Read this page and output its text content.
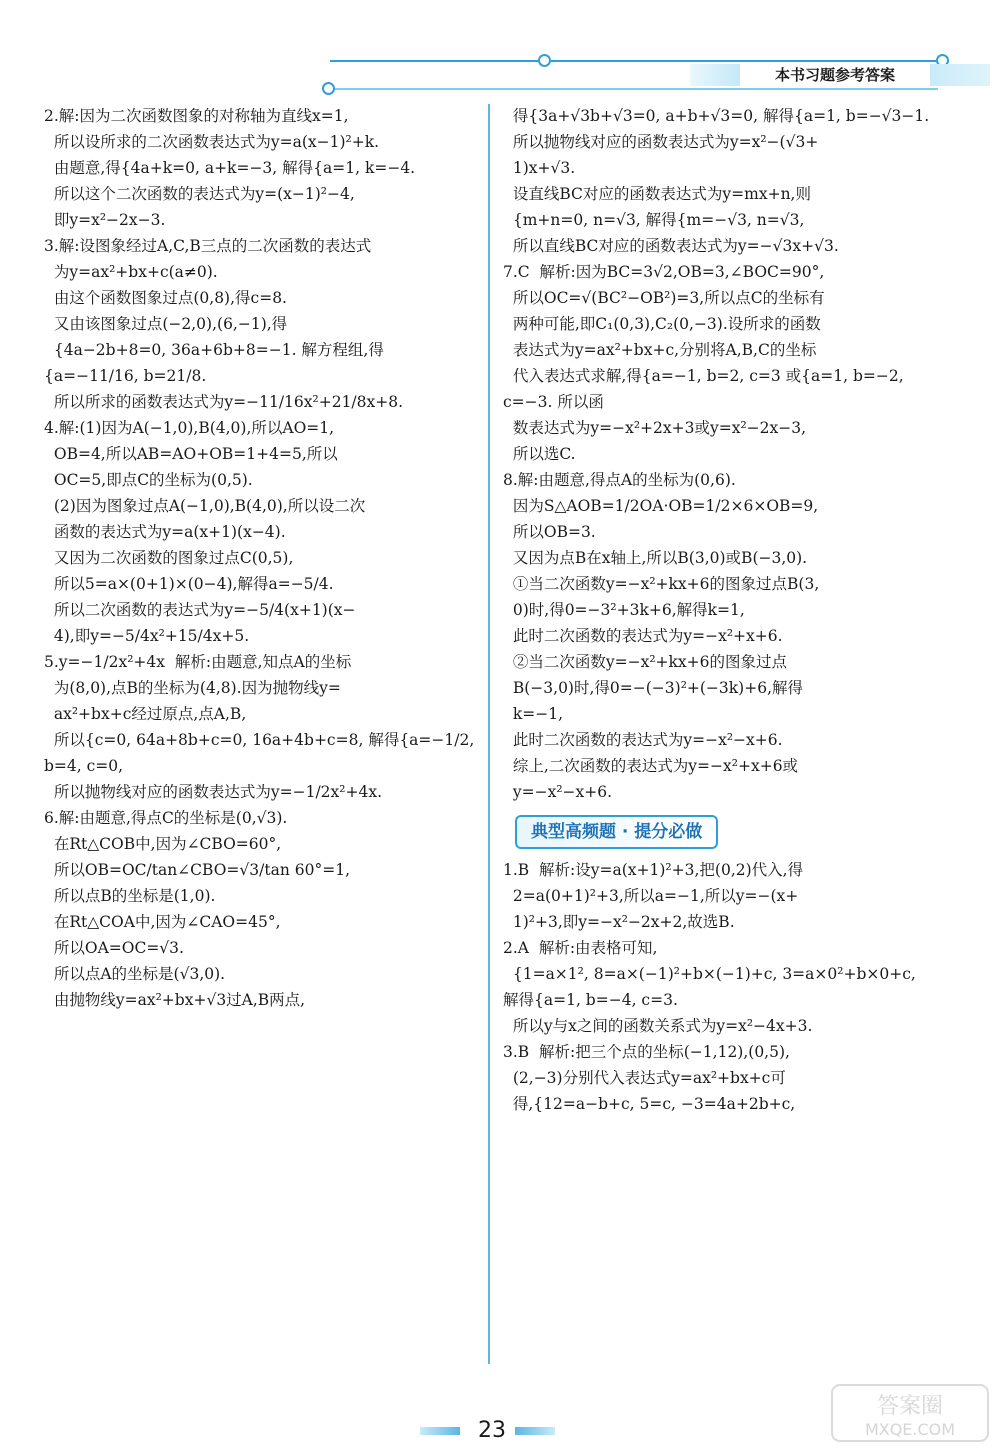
本书习题参考答案
2.解:因为二次函数图象的对称轴为直线x=1,
所以设所求的二次函数表达式为y=a(x−1)²+k.
由题意,得{4a+k=0, a+k=−3, 解得{a=1, k=−4.
所以这个二次函数的表达式为y=(x−1)²−4,
即y=x²−2x−3.
3.解:设图象经过A,C,B三点的二次函数的表达式
为y=ax²+bx+c(a≠0).
由这个函数图象过点(0,8),得c=8.
又由该图象过点(−2,0),(6,−1),得
{4a−2b+8=0, 36a+6b+8=−1. 解方程组,得{a=−11/16, b=21/8.
所以所求的函数表达式为y=−11/16x²+21/8x+8.
4.解:(1)因为A(−1,0),B(4,0),所以AO=1,
OB=4,所以AB=AO+OB=1+4=5,所以
OC=5,即点C的坐标为(0,5).
(2)因为图象过点A(−1,0),B(4,0),所以设二次
函数的表达式为y=a(x+1)(x−4).
又因为二次函数的图象过点C(0,5),
所以5=a×(0+1)×(0−4),解得a=−5/4.
所以二次函数的表达式为y=−5/4(x+1)(x−
4),即y=−5/4x²+15/4x+5.
5.y=−1/2x²+4x  解析:由题意,知点A的坐标
为(8,0),点B的坐标为(4,8).因为抛物线y=
ax²+bx+c经过原点,点A,B,
所以{c=0, 64a+8b+c=0, 16a+4b+c=8, 解得{a=−1/2, b=4, c=0,
所以抛物线对应的函数表达式为y=−1/2x²+4x.
6.解:由题意,得点C的坐标是(0,√3).
在Rt△COB中,因为∠CBO=60°,
所以OB=OC/tan∠CBO=√3/tan 60°=1,
所以点B的坐标是(1,0).
在Rt△COA中,因为∠CAO=45°,
所以OA=OC=√3.
所以点A的坐标是(√3,0).
由抛物线y=ax²+bx+√3过A,B两点,
得{3a+√3b+√3=0, a+b+√3=0, 解得{a=1, b=−√3−1.
所以抛物线对应的函数表达式为y=x²−(√3+
1)x+√3.
设直线BC对应的函数表达式为y=mx+n,则
{m+n=0, n=√3, 解得{m=−√3, n=√3,
所以直线BC对应的函数表达式为y=−√3x+√3.
7.C  解析:因为BC=3√2,OB=3,∠BOC=90°,
所以OC=√(BC²−OB²)=3,所以点C的坐标有
两种可能,即C₁(0,3),C₂(0,−3).设所求的函数
表达式为y=ax²+bx+c,分别将A,B,C的坐标
代入表达式求解,得{a=−1, b=2, c=3 或{a=1, b=−2, c=−3. 所以函
数表达式为y=−x²+2x+3或y=x²−2x−3,
所以选C.
8.解:由题意,得点A的坐标为(0,6).
因为S△AOB=1/2OA·OB=1/2×6×OB=9,
所以OB=3.
又因为点B在x轴上,所以B(3,0)或B(−3,0).
①当二次函数y=−x²+kx+6的图象过点B(3,
0)时,得0=−3²+3k+6,解得k=1,
此时二次函数的表达式为y=−x²+x+6.
②当二次函数y=−x²+kx+6的图象过点
B(−3,0)时,得0=−(−3)²+(−3k)+6,解得
k=−1,
此时二次函数的表达式为y=−x²−x+6.
综上,二次函数的表达式为y=−x²+x+6或
y=−x²−x+6.
典型高频题 · 提分必做
1.B  解析:设y=a(x+1)²+3,把(0,2)代入,得
2=a(0+1)²+3,所以a=−1,所以y=−(x+
1)²+3,即y=−x²−2x+2,故选B.
2.A  解析:由表格可知,
{1=a×1², 8=a×(−1)²+b×(−1)+c, 3=a×0²+b×0+c, 解得{a=1, b=−4, c=3.
所以y与x之间的函数关系式为y=x²−4x+3.
3.B  解析:把三个点的坐标(−1,12),(0,5),
(2,−3)分别代入表达式y=ax²+bx+c可
得,{12=a−b+c, 5=c, −3=4a+2b+c,
23
答案圈
MXQE.COM
